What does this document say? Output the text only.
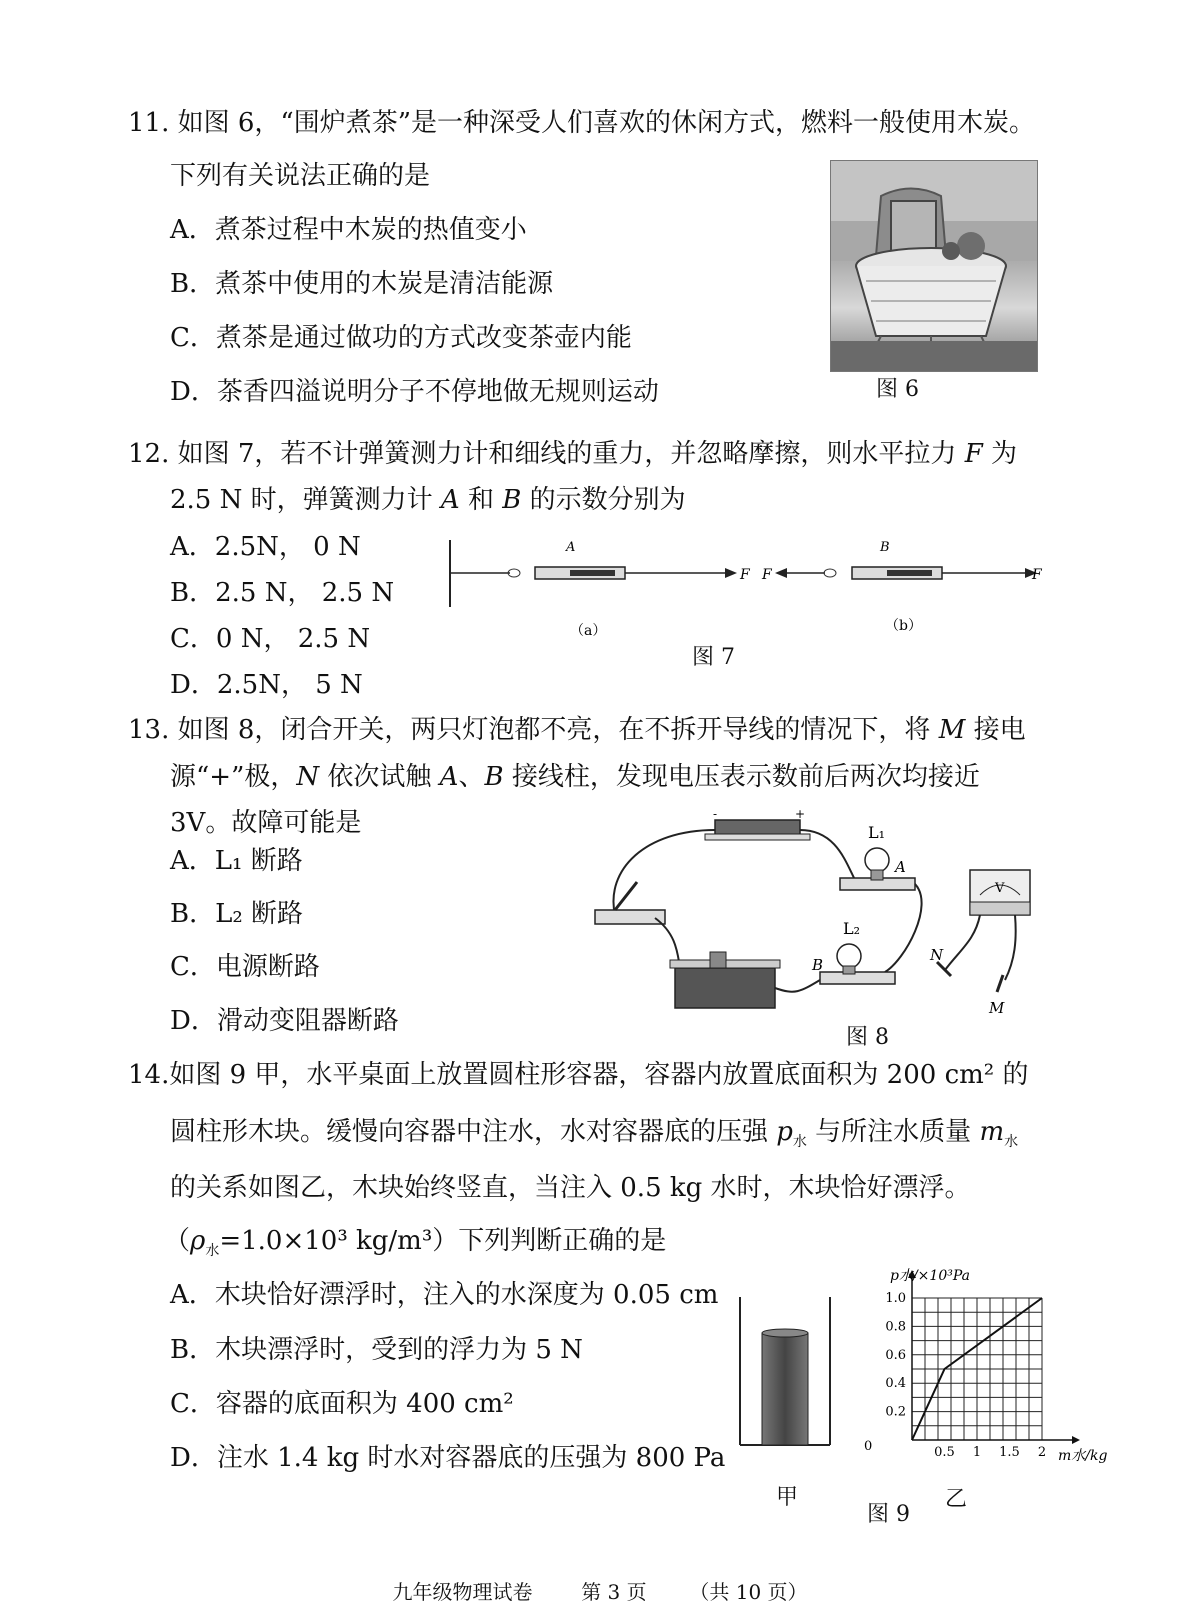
11. 如图 6，“围炉煮茶”是一种深受人们喜欢的休闲方式，燃料一般使用木炭。
下列有关说法正确的是
A．煮茶过程中木炭的热值变小
B．煮茶中使用的木炭是清洁能源
C．煮茶是通过做功的方式改变茶壶内能
D．茶香四溢说明分子不停地做无规则运动	图 6
12. 如图 7，若不计弹簧测力计和细线的重力，并忽略摩擦，则水平拉力 F 为
2.5 N 时，弹簧测力计 A 和 B 的示数分别为
A．2.5N， 0 N
B．2.5 N， 2.5 N
C．0 N， 2.5 N
D．2.5N， 5 N
A
F
（a）
F
B
F
（b）
图 7
13. 如图 8，闭合开关，两只灯泡都不亮，在不拆开导线的情况下，将 M 接电
源“+”极，N 依次试触 A、B 接线柱，发现电压表示数前后两次均接近
3V。故障可能是
A．L₁ 断路
B．L₂ 断路
C．电源断路
D．滑动变阻器断路
-	+
L₁
A
L₂
B
V
N
M
图 8
14.如图 9 甲，水平桌面上放置圆柱形容器，容器内放置底面积为 200 cm² 的
圆柱形木块。缓慢向容器中注水，水对容器底的压强 $p_水$ 与所注水质量 $m_水$
的关系如图乙，木块始终竖直，当注入 0.5 kg 水时，木块恰好漂浮。
（$\rho_水=1.0\times 10^3$ kg/m³）下列判断正确的是
A．木块恰好漂浮时，注入的水深度为 0.05 cm
B．木块漂浮时，受到的浮力为 5 N
C．容器的底面积为 400 cm²
D．注水 1.4 kg 时水对容器底的压强为 800 Pa
甲
0.5 1 1.5 2
0.2
0.4
0.6
0.8
1.0
p水/×10³Pa
m水/kg
0
图 9
乙
九年级物理试卷 第 3 页 （共 10 页）
